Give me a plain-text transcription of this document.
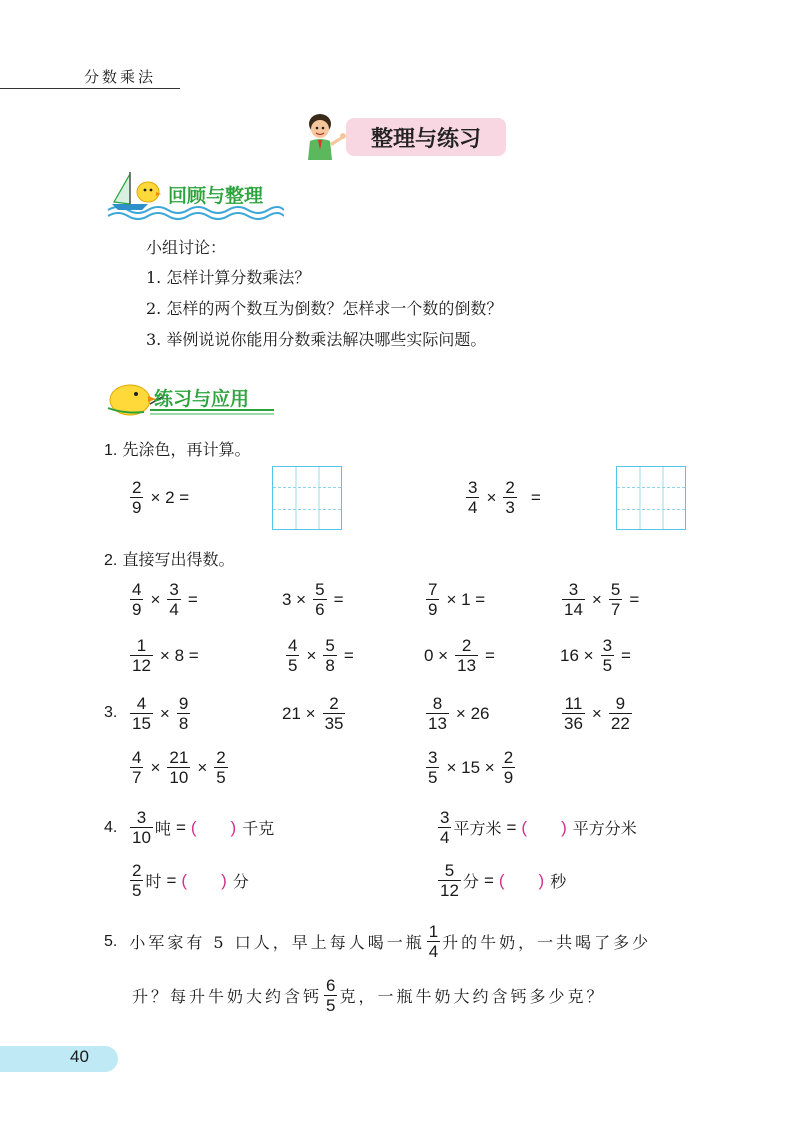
分数乘法
整理与练习
回顾与整理
小组讨论：
1. 怎样计算分数乘法？
2. 怎样的两个数互为倒数？怎样求一个数的倒数？
3. 举例说说你能用分数乘法解决哪些实际问题。
练习与应用
1. 先涂色，再计算。
$\frac{2}{9} \times 2$ =	$\frac{3}{4} \times \frac{2}{3}$ =
2. 直接写出得数。
$\frac{4}{9} \times \frac{3}{4}$ =	$3 \times \frac{5}{6}$ =	$\frac{7}{9} \times 1$ =	$\frac{3}{14} \times \frac{5}{7}$ =
$\frac{1}{12} \times 8$ =	$\frac{4}{5} \times \frac{5}{8}$ =	$0 \times \frac{2}{13}$ =	$16 \times \frac{3}{5}$ =
3. $\frac{4}{15} \times \frac{9}{8}$	$21 \times \frac{2}{35}$	$\frac{8}{13} \times 26$	$\frac{11}{36} \times \frac{9}{22}$
$\frac{4}{7} \times \frac{21}{10} \times \frac{2}{5}$	$\frac{3}{5} \times 15 \times \frac{2}{9}$
4. $\frac{3}{10}$ 吨 = ( ) 千克	$\frac{3}{4}$ 平方米 = ( ) 平方分米
$\frac{2}{5}$ 时 = ( ) 分	$\frac{5}{12}$ 分 = ( ) 秒
5. 小军家有 5 口人，早上每人喝一瓶 $\frac{1}{4}$ 升的牛奶，一共喝了多少
升？每升牛奶大约含钙 $\frac{6}{5}$ 克，一瓶牛奶大约含钙多少克？
40
